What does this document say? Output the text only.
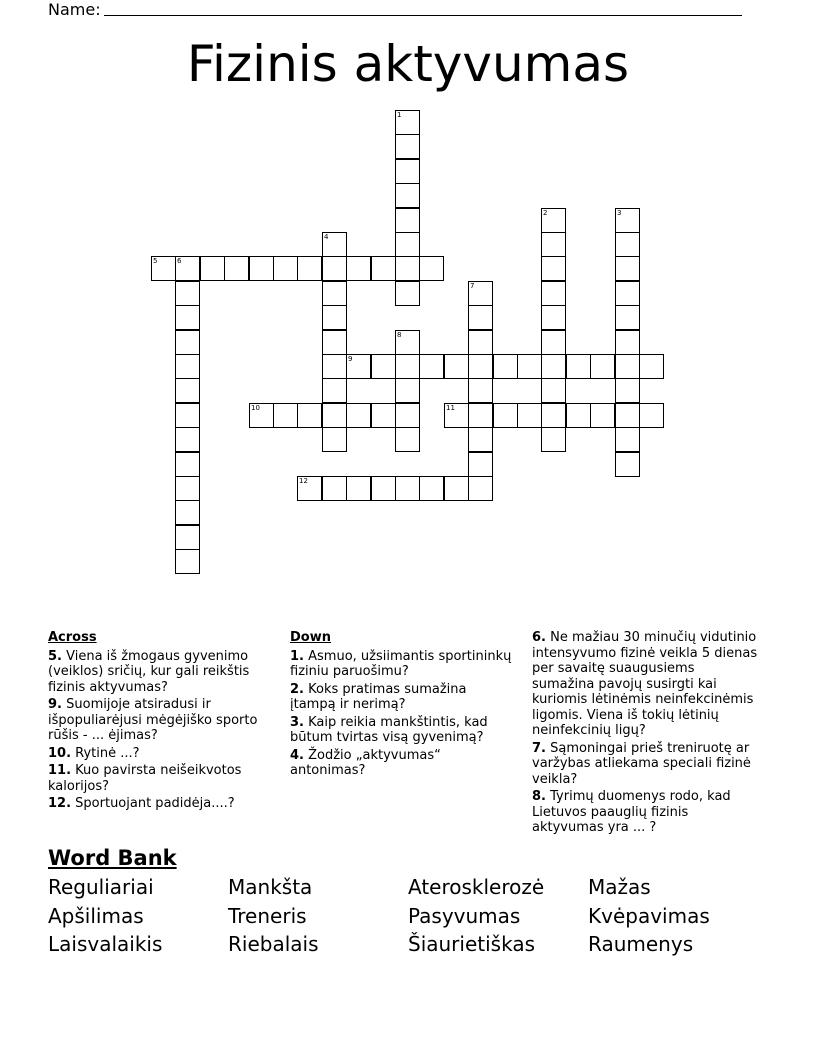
Name:
Fizinis aktyvumas
1
2	3
4
5	6
7
8
9
10	11
12
Across
5. Viena iš žmogaus gyvenimo (veiklos) sričių, kur gali reikštis fizinis aktyvumas?
9. Suomijoje atsiradusi ir išpopuliarėjusi mėgėjiško sporto rūšis - ... ėjimas?
10. Rytinė ...?
11. Kuo pavirsta neišeikvotos kalorijos?
12. Sportuojant padidėja....?
Down
1. Asmuo, užsiimantis sportininkų fiziniu paruošimu?
2. Koks pratimas sumažina įtampą ir nerimą?
3. Kaip reikia mankštintis, kad būtum tvirtas visą gyvenimą?
4. Žodžio „aktyvumas“ antonimas?
6. Ne mažiau 30 minučių vidutinio intensyvumo fizinė veikla 5 dienas per savaitę suaugusiems sumažina pavojų susirgti kai kuriomis lėtinėmis neinfekcinėmis ligomis. Viena iš tokių lėtinių neinfekcinių ligų?
7. Sąmoningai prieš treniruotę ar varžybas atliekama speciali fizinė veikla?
8. Tyrimų duomenys rodo, kad Lietuvos paauglių fizinis aktyvumas yra ... ?
Word Bank
Reguliariai	Mankšta	Aterosklerozė Mažas
Apšilimas	Treneris	Pasyvumas	Kvėpavimas
Laisvalaikis	Riebalais	Šiaurietiškas	Raumenys
